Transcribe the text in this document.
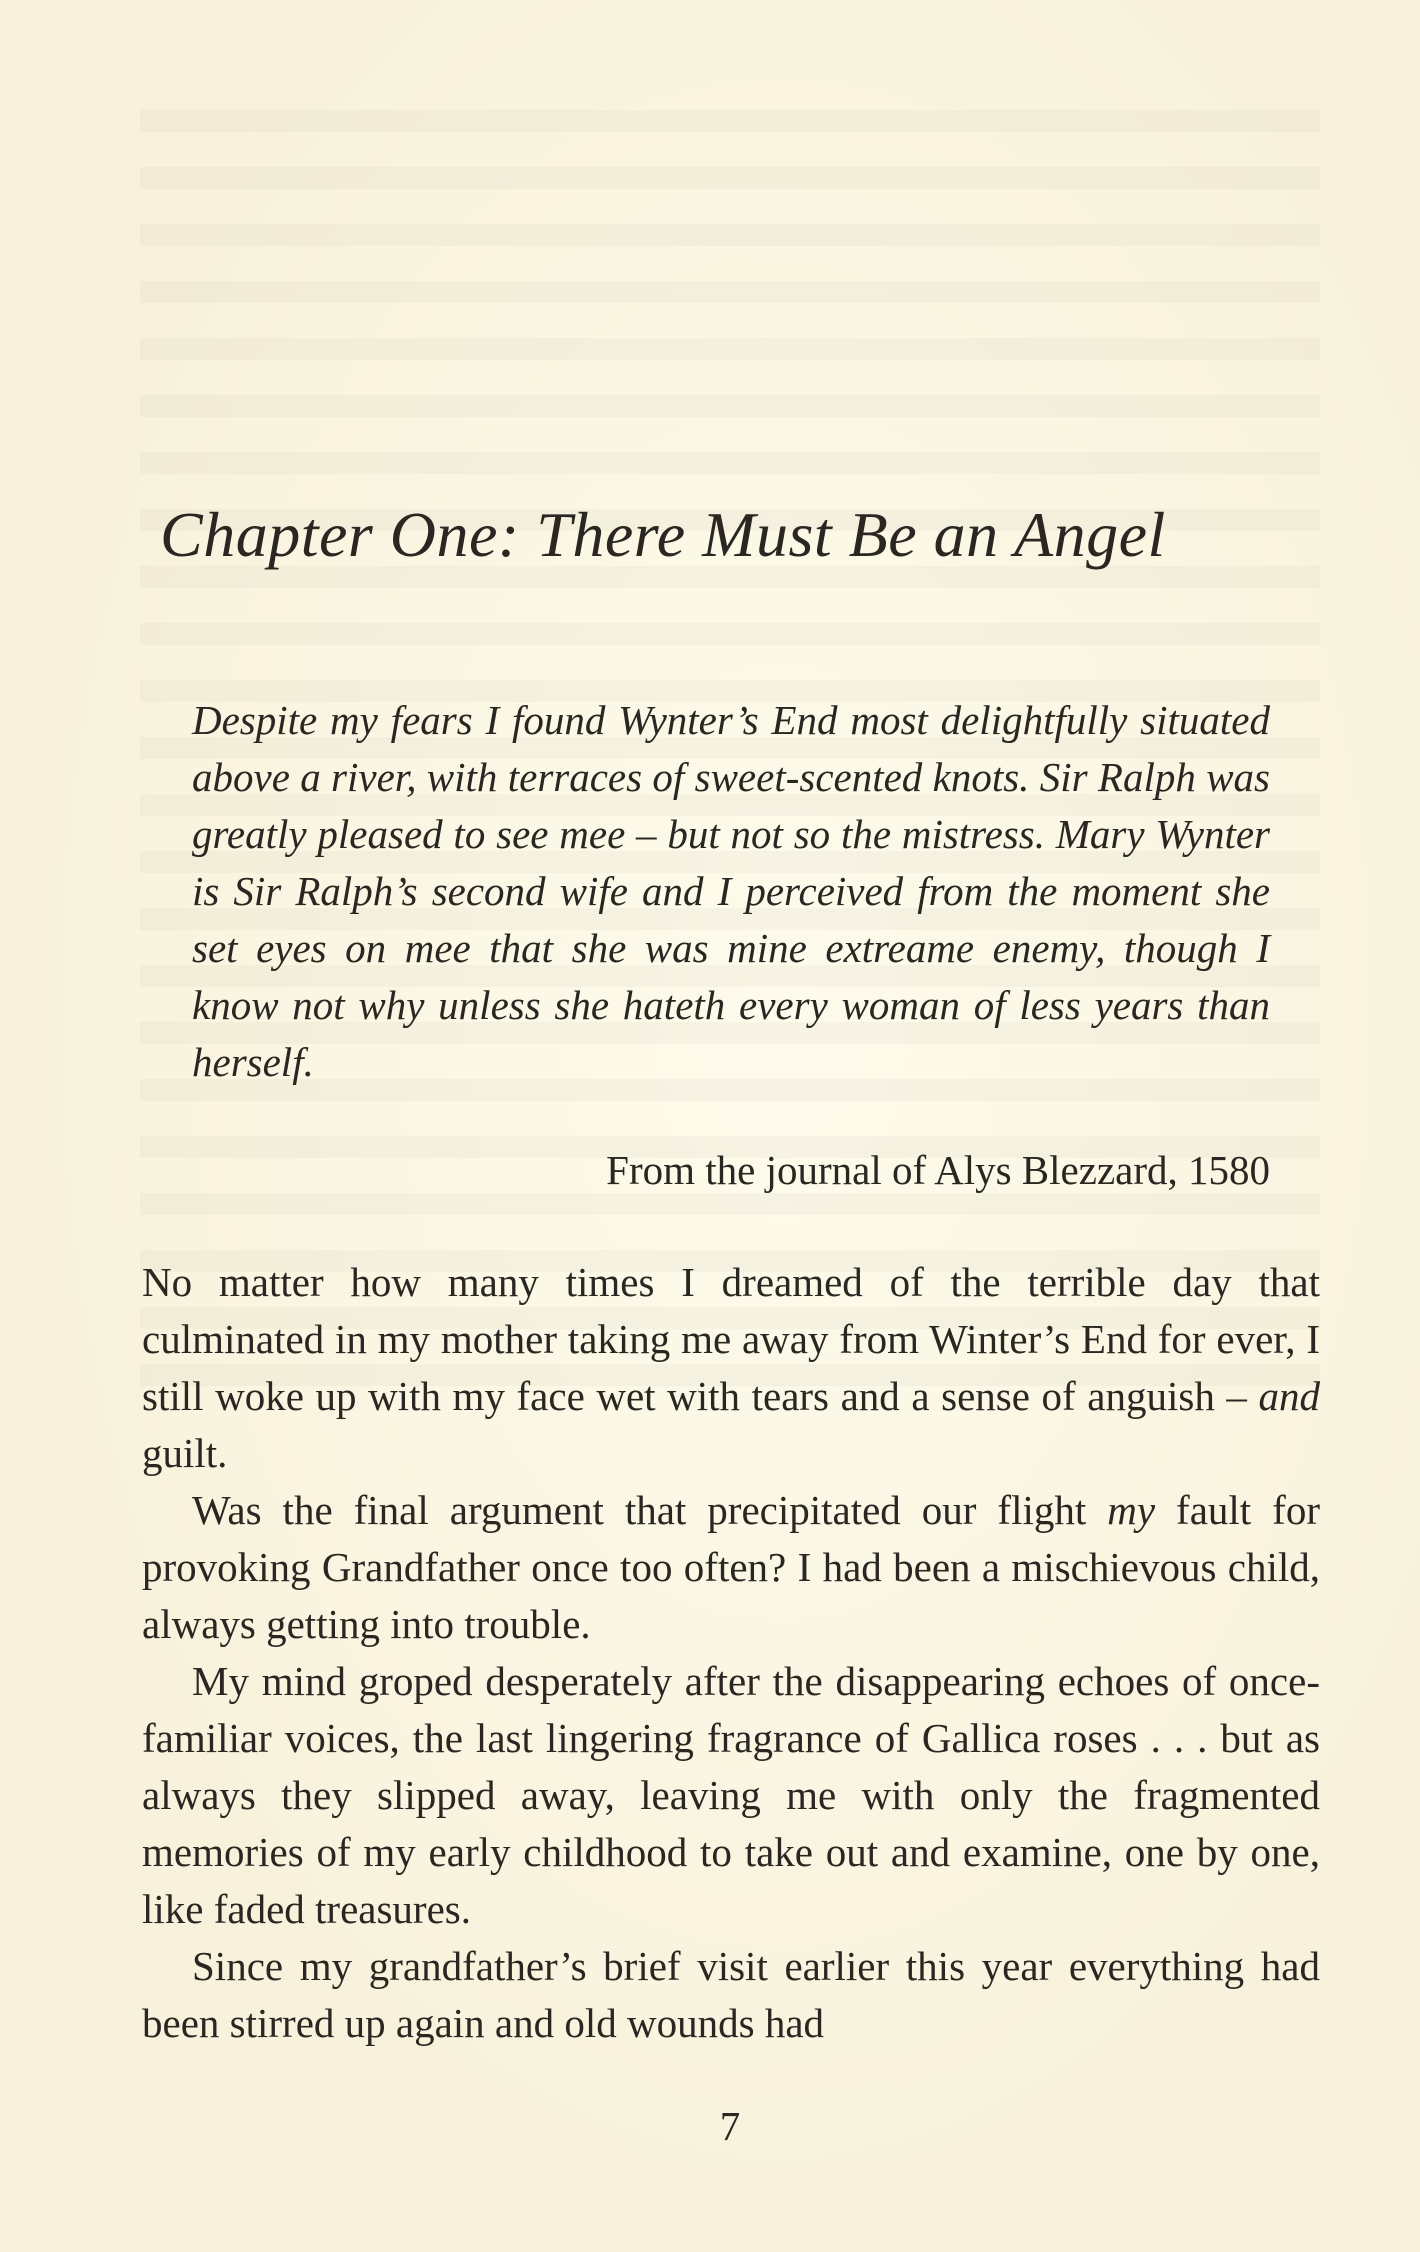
Chapter One: There Must Be an Angel

Despite my fears I found Wynter’s End most delightfully situated above a river, with terraces of sweet-scented knots. Sir Ralph was greatly pleased to see mee – but not so the mistress. Mary Wynter is Sir Ralph’s second wife and I perceived from the moment she set eyes on mee that she was mine extreame enemy, though I know not why unless she hateth every woman of less years than herself.

From the journal of Alys Blezzard, 1580

No matter how many times I dreamed of the terrible day that culminated in my mother taking me away from Winter’s End for ever, I still woke up with my face wet with tears and a sense of anguish – and guilt.

Was the final argument that precipitated our flight my fault for provoking Grandfather once too often? I had been a mischievous child, always getting into trouble.

My mind groped desperately after the disappearing echoes of once-familiar voices, the last lingering fragrance of Gallica roses . . . but as always they slipped away, leaving me with only the fragmented memories of my early childhood to take out and examine, one by one, like faded treasures.

Since my grandfather’s brief visit earlier this year everything had been stirred up again and old wounds had

7
